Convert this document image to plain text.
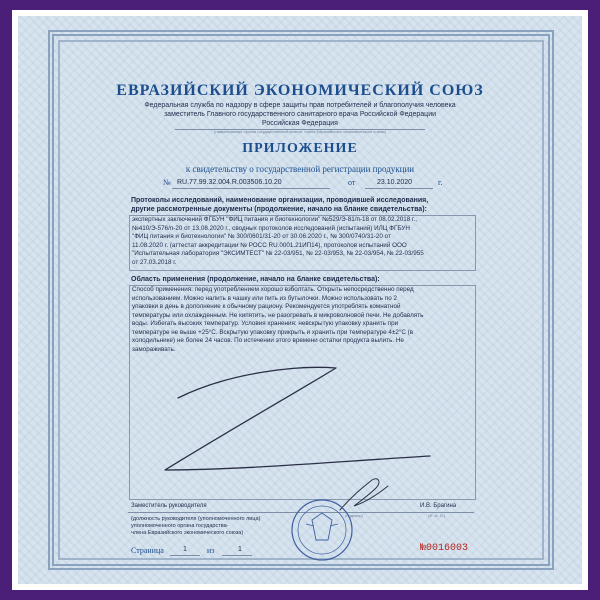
ЕВРАЗИЙСКИЙ ЭКОНОМИЧЕСКИЙ СОЮЗ
Федеральная служба по надзору в сфере защиты прав потребителей и благополучия человека
заместитель Главного государственного санитарного врача Российской Федерации
Российская Федерация
(наименование органа государственной власти, члена Евразийского экономического союза)
ПРИЛОЖЕНИЕ
к свидетельству о государственной регистрации продукции
№ RU.77.99.32.004.R.003506.10.20	от	23.10.2020	г.
Протоколы исследований, наименование организации, проводившей исследования,
другие рассмотренные документы (продолжение, начало на бланке свидетельства):
экспертных заключений ФГБУН "ФИЦ питания и биотехнологии" №529/Э-81/п-18 от 08.02.2018 г.,
№410/Э-576/п-20 от 13.08.2020 г., сводных протоколов исследований (испытаний) ИЛЦ ФГБУН
"ФИЦ питания и биотехнологии" № 300/0601/31-20 от 30.06.2020 г., № 300/0740/31-20 от
11.08.2020 г. (аттестат аккредитации № РОСС RU.0001.21ИП14), протоколов испытаний ООО
"Испытательная лаборатория "ЭКСИМТЕСТ" № 22-03/951, № 22-03/953, № 22-03/954, № 22-03/955
от 27.03.2018 г.
Область применения (продолжение, начало на бланке свидетельства):
Способ применения: перед употреблением хорошо взболтать. Открыть непосредственно перед
использованием. Можно налить в чашку или пить из бутылочки. Можно использовать по 2
упаковки в день в дополнение к обычному рациону. Рекомендуется употреблять комнатной
температуры или охлажденным. Не кипятить, не разогревать в микроволновой печи. Не добавлять
воды. Избегать высоких температур. Условия хранения: невскрытую упаковку хранить при
температуре не выше +25°С. Вскрытую упаковку прикрыть и хранить при температуре 4±2°С (в
холодильнике) не более 24 часов. По истечении этого времени остатки продукта вылить. Не
замораживать.
Заместитель руководителя	И.В. Брагина
(Ф. И. О.)
(подпись)
(должность руководителя (уполномоченного лица)
уполномоченного органа государства-
члена Евразийского экономического союза)
Страница	1	из	1	№0016003
